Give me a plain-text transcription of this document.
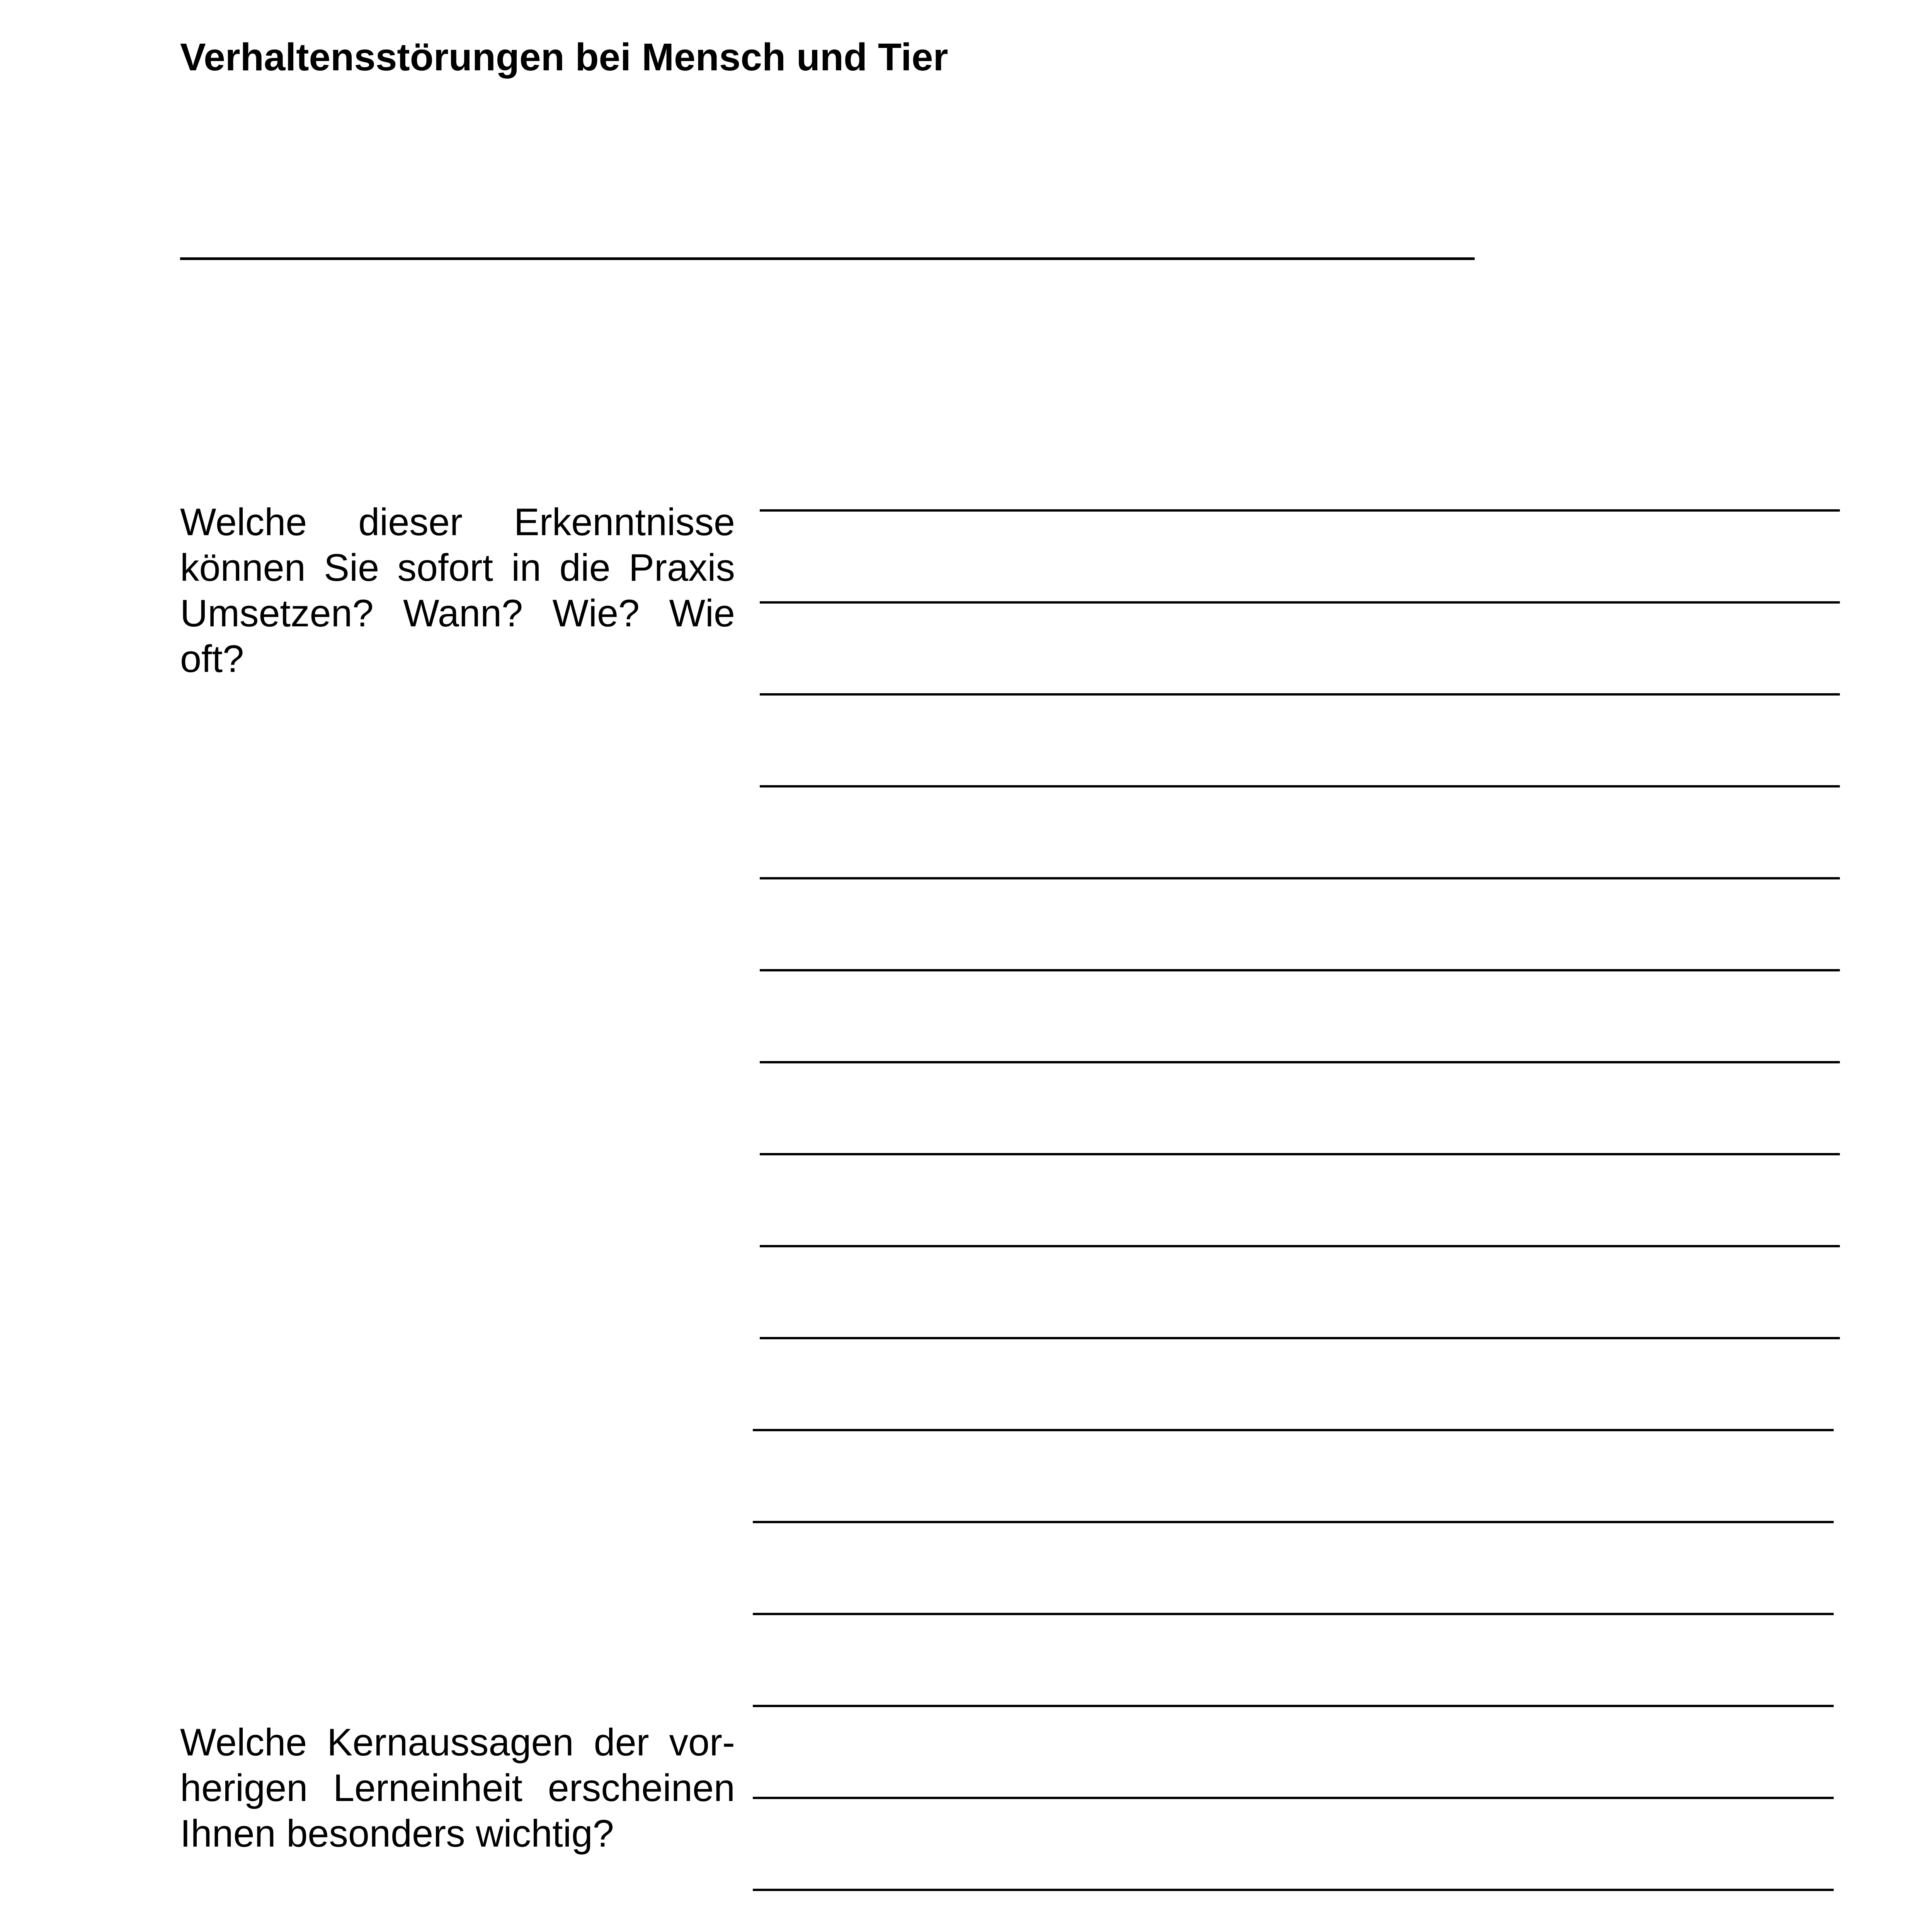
Verhaltensstörungen bei Mensch und Tier
Welche dieser Erkenntnisse können Sie sofort in die Praxis Umsetzen? Wann? Wie? Wie oft?
Welche Kernaussagen der vorherigen Lerneinheit erscheinen Ihnen besonders wichtig?
